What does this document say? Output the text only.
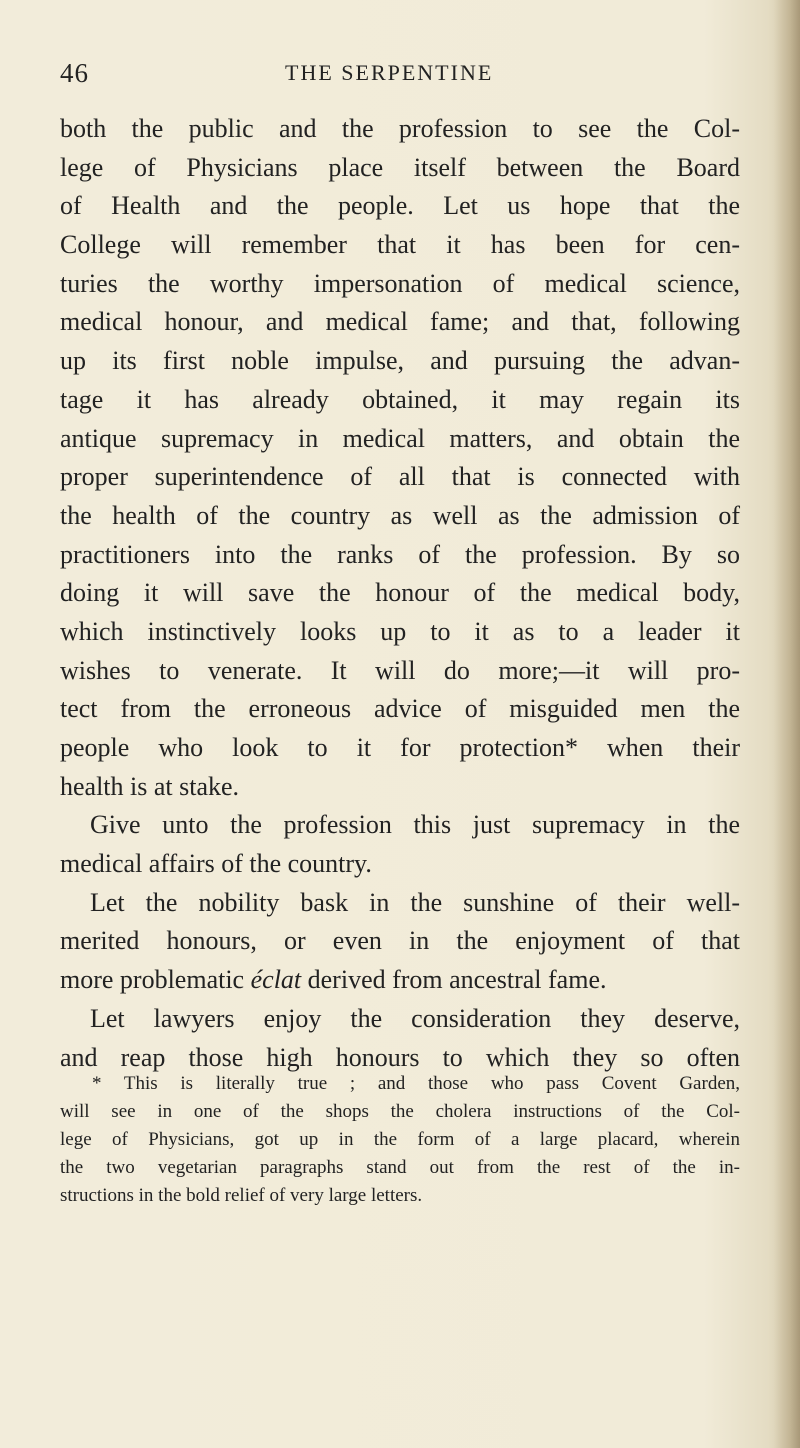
46	THE SERPENTINE
both the public and the profession to see the Col-
lege of Physicians place itself between the Board
of Health and the people. Let us hope that the
College will remember that it has been for cen-
turies the worthy impersonation of medical science,
medical honour, and medical fame; and that, following
up its first noble impulse, and pursuing the advan-
tage it has already obtained, it may regain its
antique supremacy in medical matters, and obtain the
proper superintendence of all that is connected with
the health of the country as well as the admission of
practitioners into the ranks of the profession. By so
doing it will save the honour of the medical body,
which instinctively looks up to it as to a leader it
wishes to venerate. It will do more;—it will pro-
tect from the erroneous advice of misguided men the
people who look to it for protection* when their
health is at stake.
Give unto the profession this just supremacy in the
medical affairs of the country.
Let the nobility bask in the sunshine of their well-
merited honours, or even in the enjoyment of that
more problematic éclat derived from ancestral fame.
Let lawyers enjoy the consideration they deserve,
and reap those high honours to which they so often
* This is literally true ; and those who pass Covent Garden,
will see in one of the shops the cholera instructions of the Col-
lege of Physicians, got up in the form of a large placard, wherein
the two vegetarian paragraphs stand out from the rest of the in-
structions in the bold relief of very large letters.
